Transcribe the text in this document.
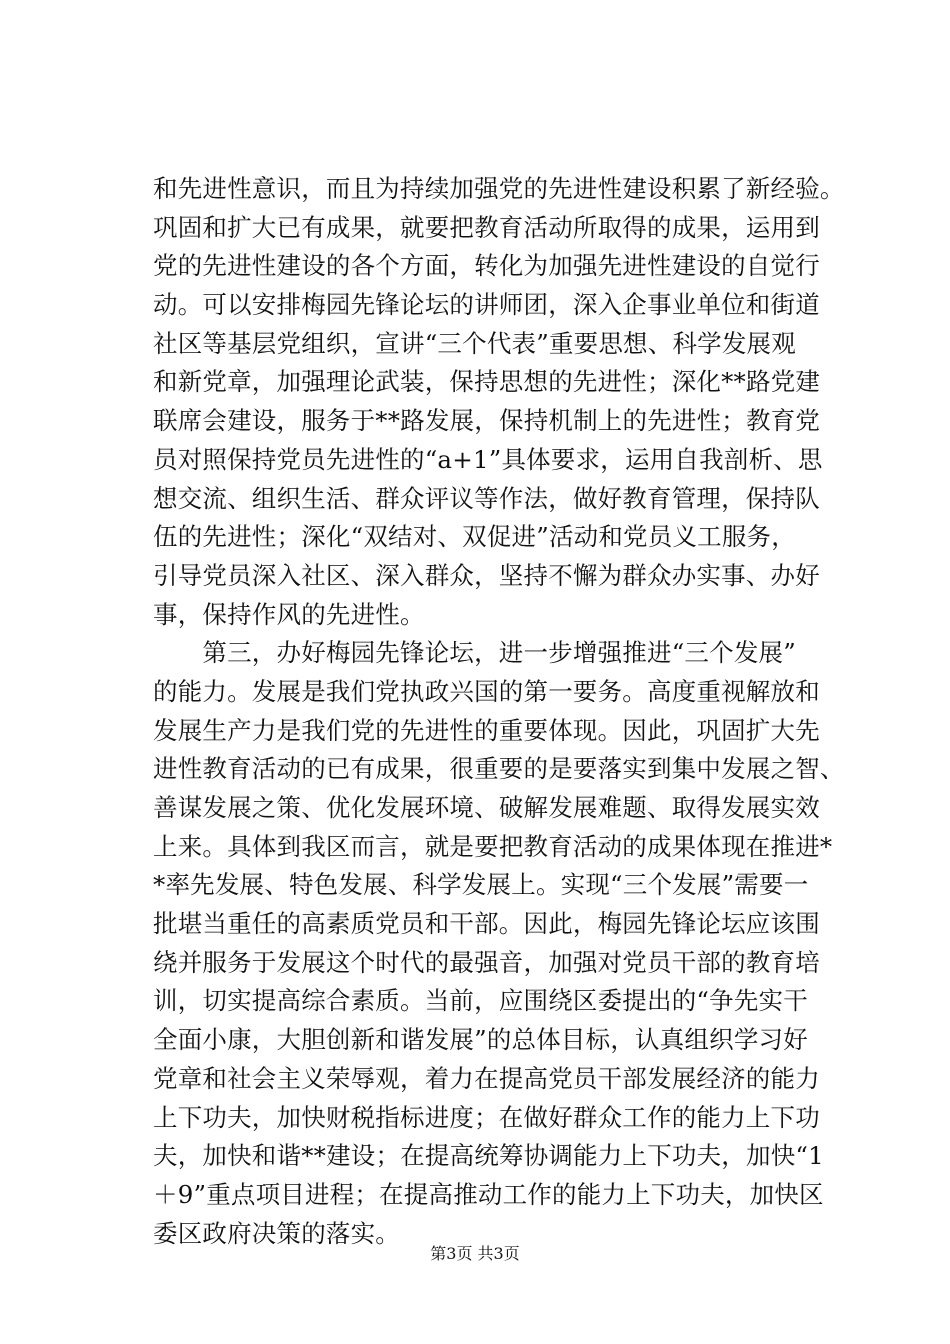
和先进性意识，而且为持续加强党的先进性建设积累了新经验。
巩固和扩大已有成果，就要把教育活动所取得的成果，运用到
党的先进性建设的各个方面，转化为加强先进性建设的自觉行
动。可以安排梅园先锋论坛的讲师团，深入企事业单位和街道
社区等基层党组织，宣讲“三个代表”重要思想、科学发展观
和新党章，加强理论武装，保持思想的先进性；深化**路党建
联席会建设，服务于**路发展，保持机制上的先进性；教育党
员对照保持党员先进性的“a+1”具体要求，运用自我剖析、思
想交流、组织生活、群众评议等作法，做好教育管理，保持队
伍的先进性；深化“双结对、双促进”活动和党员义工服务，
引导党员深入社区、深入群众，坚持不懈为群众办实事、办好
事，保持作风的先进性。
　　第三，办好梅园先锋论坛，进一步增强推进“三个发展”
的能力。发展是我们党执政兴国的第一要务。高度重视解放和
发展生产力是我们党的先进性的重要体现。因此，巩固扩大先
进性教育活动的已有成果，很重要的是要落实到集中发展之智、
善谋发展之策、优化发展环境、破解发展难题、取得发展实效
上来。具体到我区而言，就是要把教育活动的成果体现在推进*
*率先发展、特色发展、科学发展上。实现“三个发展”需要一
批堪当重任的高素质党员和干部。因此，梅园先锋论坛应该围
绕并服务于发展这个时代的最强音，加强对党员干部的教育培
训，切实提高综合素质。当前，应围绕区委提出的“争先实干
全面小康，大胆创新和谐发展”的总体目标，认真组织学习好
党章和社会主义荣辱观，着力在提高党员干部发展经济的能力
上下功夫，加快财税指标进度；在做好群众工作的能力上下功
夫，加快和谐**建设；在提高统筹协调能力上下功夫，加快“1
＋9”重点项目进程；在提高推动工作的能力上下功夫，加快区
委区政府决策的落实。
第3页 共3页
